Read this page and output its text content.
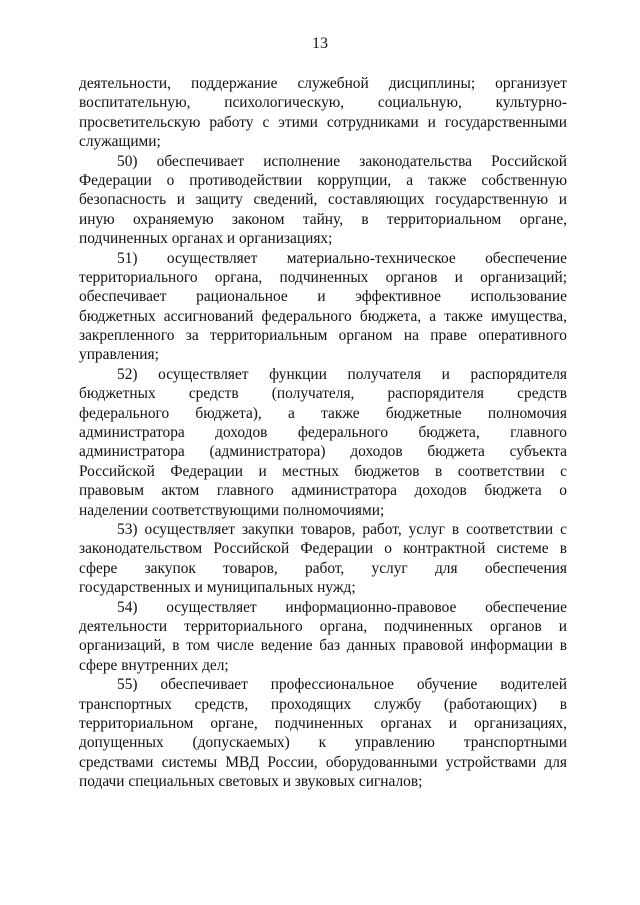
13
деятельности, поддержание служебной дисциплины; организует
воспитательную, психологическую, социальную, культурно-
просветительскую работу с этими сотрудниками и государственными
служащими;
50) обеспечивает исполнение законодательства Российской
Федерации о противодействии коррупции, а также собственную
безопасность и защиту сведений, составляющих государственную и
иную охраняемую законом тайну, в территориальном органе,
подчиненных органах и организациях;
51) осуществляет материально-техническое обеспечение
территориального органа, подчиненных органов и организаций;
обеспечивает рациональное и эффективное использование
бюджетных ассигнований федерального бюджета, а также имущества,
закрепленного за территориальным органом на праве оперативного
управления;
52) осуществляет функции получателя и распорядителя
бюджетных средств (получателя, распорядителя средств
федерального бюджета), а также бюджетные полномочия
администратора доходов федерального бюджета, главного
администратора (администратора) доходов бюджета субъекта
Российской Федерации и местных бюджетов в соответствии с
правовым актом главного администратора доходов бюджета о
наделении соответствующими полномочиями;
53) осуществляет закупки товаров, работ, услуг в соответствии с
законодательством Российской Федерации о контрактной системе в
сфере закупок товаров, работ, услуг для обеспечения
государственных и муниципальных нужд;
54) осуществляет информационно-правовое обеспечение
деятельности территориального органа, подчиненных органов и
организаций, в том числе ведение баз данных правовой информации в
сфере внутренних дел;
55) обеспечивает профессиональное обучение водителей
транспортных средств, проходящих службу (работающих) в
территориальном органе, подчиненных органах и организациях,
допущенных (допускаемых) к управлению транспортными
средствами системы МВД России, оборудованными устройствами для
подачи специальных световых и звуковых сигналов;
